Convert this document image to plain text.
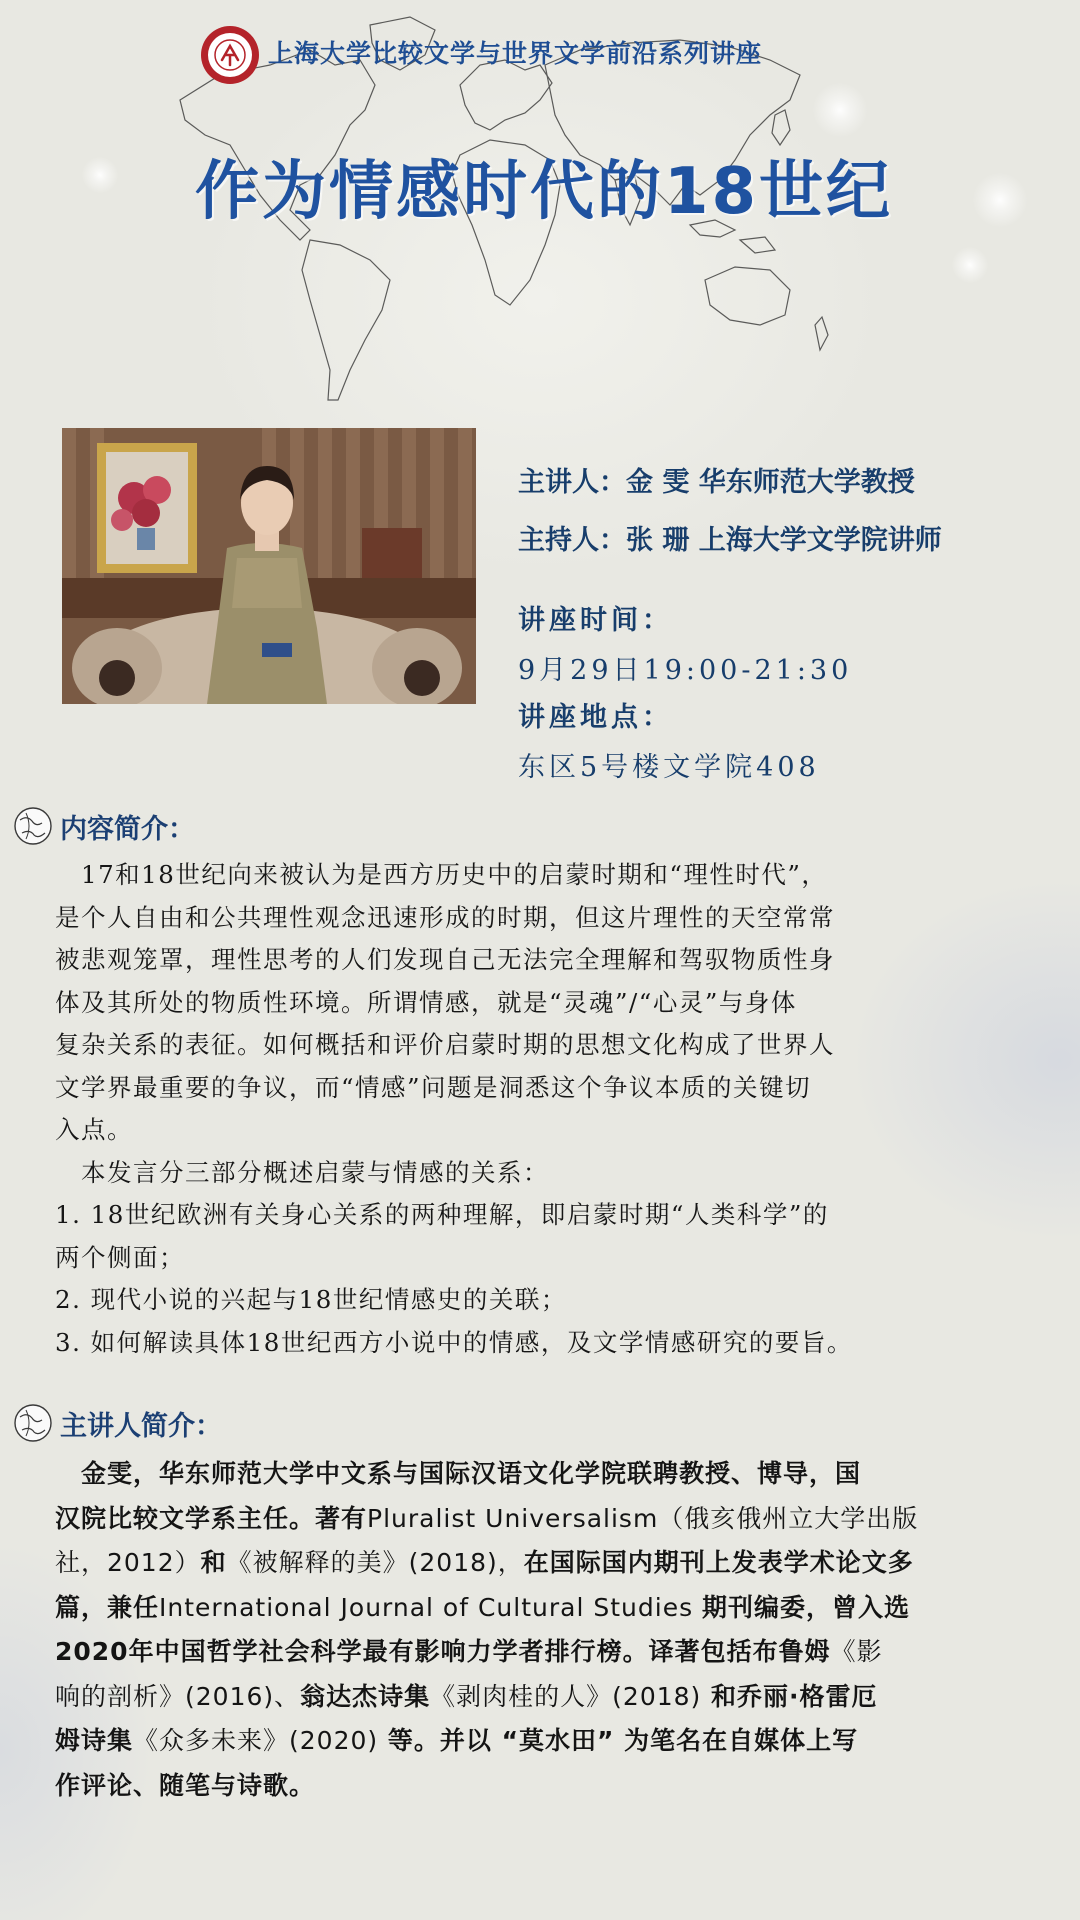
上海大学比较文学与世界文学前沿系列讲座
作为情感时代的18世纪
主讲人：金 雯 华东师范大学教授
主持人：张 珊 上海大学文学院讲师
讲座时间：
9月29日19:00-21:30
讲座地点：
东区5号楼文学院408
内容简介：

　17和18世纪向来被认为是西方历史中的启蒙时期和“理性时代”，

是个人自由和公共理性观念迅速形成的时期，但这片理性的天空常常

被悲观笼罩，理性思考的人们发现自己无法完全理解和驾驭物质性身

体及其所处的物质性环境。所谓情感，就是“灵魂”/“心灵”与身体

复杂关系的表征。如何概括和评价启蒙时期的思想文化构成了世界人

文学界最重要的争议，而“情感”问题是洞悉这个争议本质的关键切

入点。

　本发言分三部分概述启蒙与情感的关系：

1. 18世纪欧洲有关身心关系的两种理解，即启蒙时期“人类科学”的

两个侧面；

2. 现代小说的兴起与18世纪情感史的关联；

3. 如何解读具体18世纪西方小说中的情感，及文学情感研究的要旨。

主讲人简介：

　金雯，华东师范大学中文系与国际汉语文化学院联聘教授、博导，国

汉院比较文学系主任。著有Pluralist Universalism（俄亥俄州立大学出版

社，2012）和《被解释的美》(2018)，在国际国内期刊上发表学术论文多

篇，兼任International Journal of Cultural Studies 期刊编委，曾入选

2020年中国哲学社会科学最有影响力学者排行榜。译著包括布鲁姆《影

响的剖析》(2016)、翁达杰诗集《剥肉桂的人》(2018) 和乔丽·格雷厄

姆诗集《众多未来》(2020) 等。并以 “莫水田” 为笔名在自媒体上写

作评论、随笔与诗歌。
